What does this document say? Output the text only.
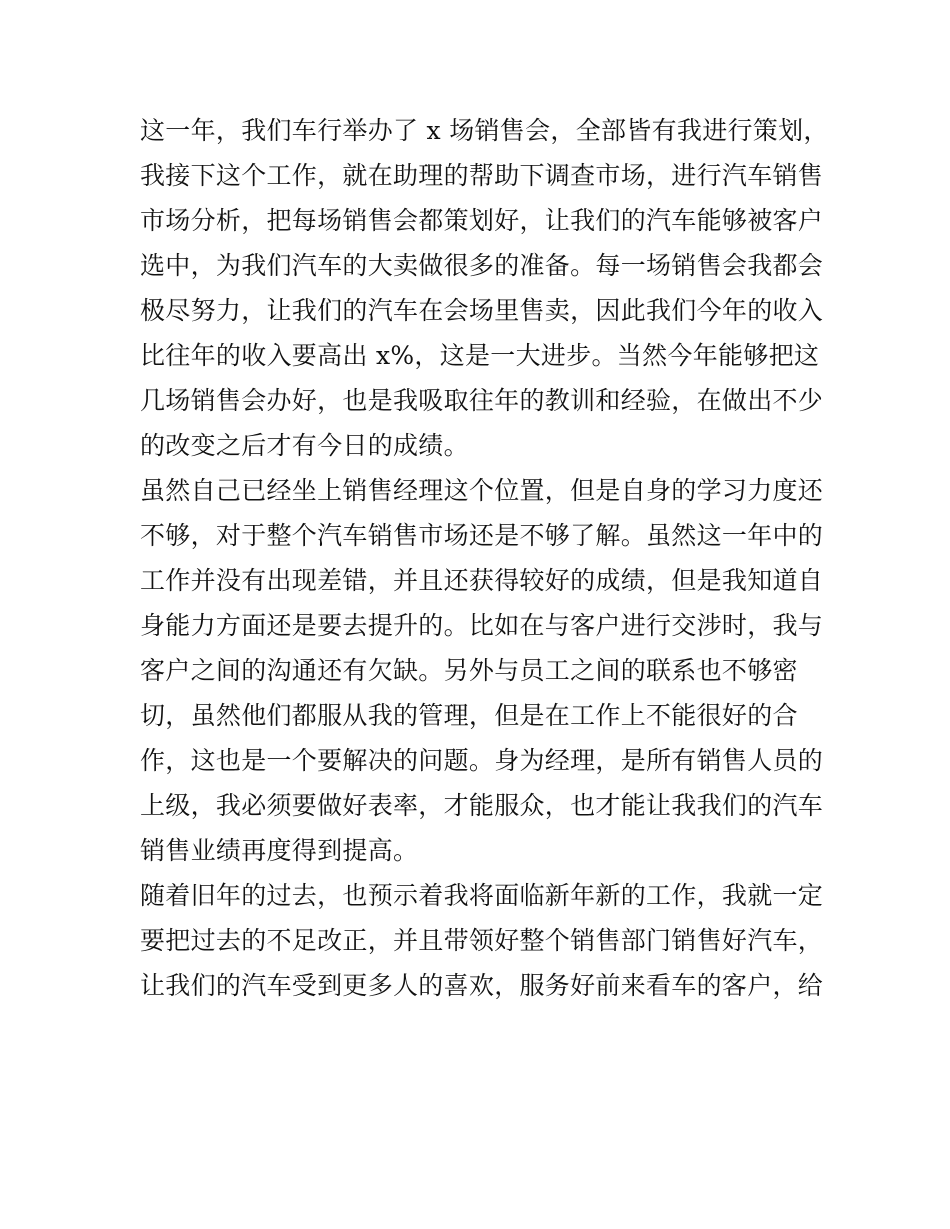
这一年，我们车行举办了 x 场销售会，全部皆有我进行策划，
我接下这个工作，就在助理的帮助下调查市场，进行汽车销售
市场分析，把每场销售会都策划好，让我们的汽车能够被客户
选中，为我们汽车的大卖做很多的准备。每一场销售会我都会
极尽努力，让我们的汽车在会场里售卖，因此我们今年的收入
比往年的收入要高出 x%，这是一大进步。当然今年能够把这
几场销售会办好，也是我吸取往年的教训和经验，在做出不少
的改变之后才有今日的成绩。
虽然自己已经坐上销售经理这个位置，但是自身的学习力度还
不够，对于整个汽车销售市场还是不够了解。虽然这一年中的
工作并没有出现差错，并且还获得较好的成绩，但是我知道自
身能力方面还是要去提升的。比如在与客户进行交涉时，我与
客户之间的沟通还有欠缺。另外与员工之间的联系也不够密
切，虽然他们都服从我的管理，但是在工作上不能很好的合
作，这也是一个要解决的问题。身为经理，是所有销售人员的
上级，我必须要做好表率，才能服众，也才能让我我们的汽车
销售业绩再度得到提高。
随着旧年的过去，也预示着我将面临新年新的工作，我就一定
要把过去的不足改正，并且带领好整个销售部门销售好汽车，
让我们的汽车受到更多人的喜欢，服务好前来看车的客户，给
